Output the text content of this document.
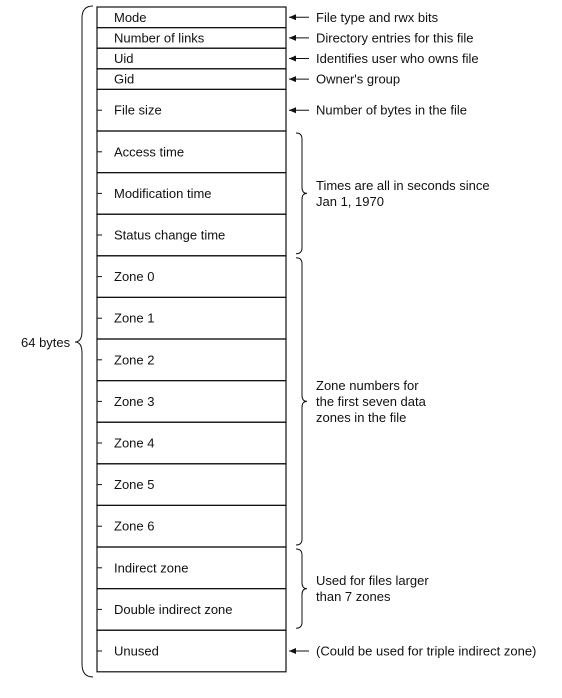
64 bytes
Mode
Number of links
Uid
Gid
File size
Access time
Modification time
Status change time
Zone 0
Zone 1
Zone 2
Zone 3
Zone 4
Zone 5
Zone 6
Indirect zone
Double indirect zone
Unused
File type and rwx bits
Directory entries for this file
Identifies user who owns file
Owner's group
Number of bytes in the file
Times are all in seconds since
Jan 1, 1970
Zone numbers for
the first seven data
zones in the file
Used for files larger
than 7 zones
(Could be used for triple indirect zone)
